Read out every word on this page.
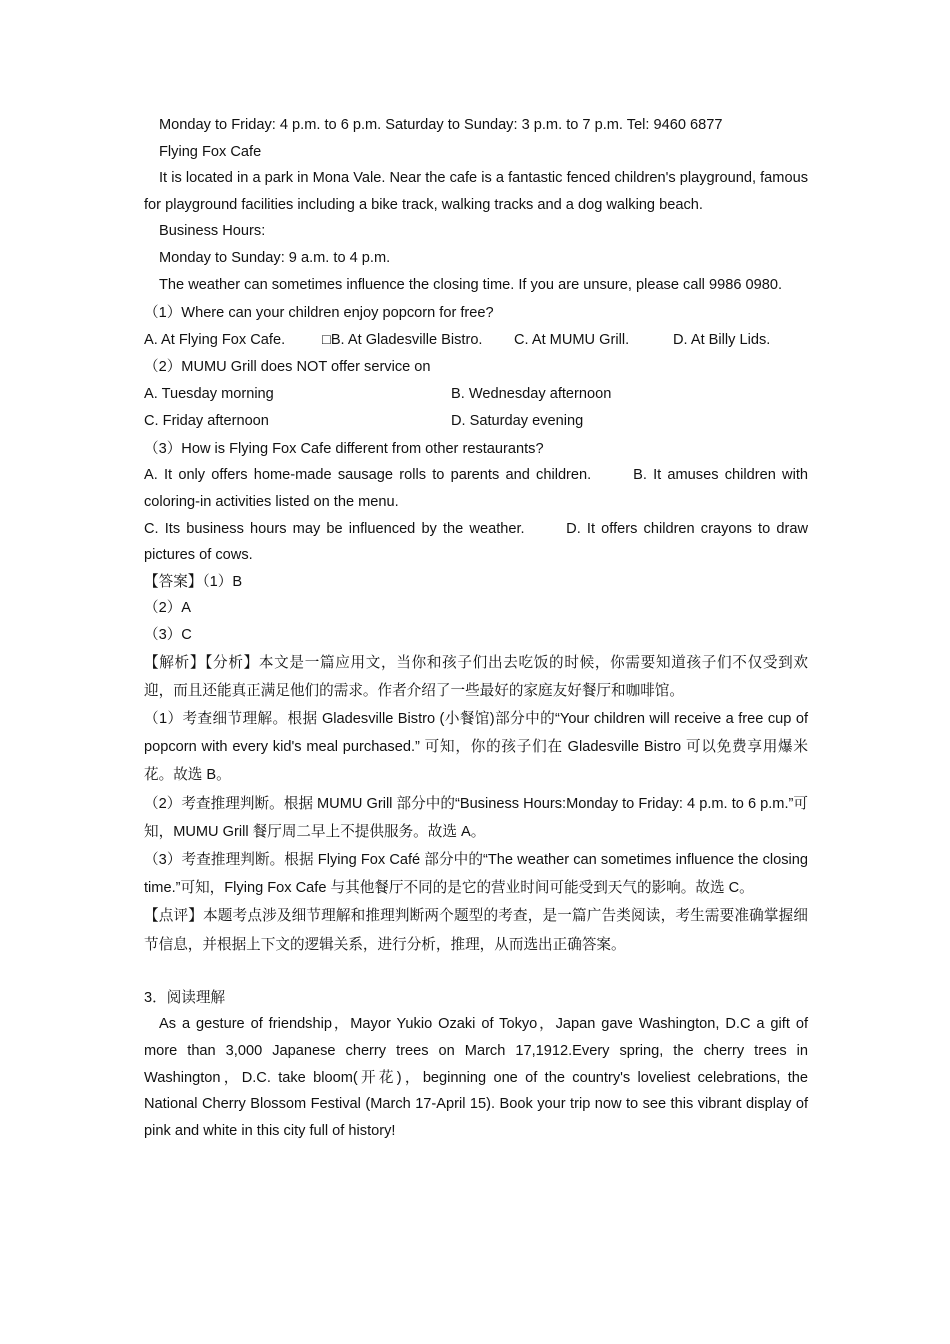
Monday to Friday: 4 p.m. to 6 p.m. Saturday to Sunday: 3 p.m. to 7 p.m. Tel: 9460 6877
Flying Fox Cafe
It is located in a park in Mona Vale. Near the cafe is a fantastic fenced children's playground, famous for playground facilities including a bike track, walking tracks and a dog walking beach.
Business Hours:
Monday to Sunday: 9 a.m. to 4 p.m.
The weather can sometimes influence the closing time. If you are unsure, please call 9986 0980.
（1）Where can your children enjoy popcorn for free?
A. At Flying Fox Cafe.	□B. At Gladesville Bistro.	C. At MUMU Grill.	D. At Billy Lids.
（2）MUMU Grill does NOT offer service on
A. Tuesday morning	B. Wednesday afternoon
C. Friday afternoon	D. Saturday evening
（3）How is Flying Fox Cafe different from other restaurants?
A. It only offers home-made sausage rolls to parents and children.　　 B. It amuses children with coloring-in activities listed on the menu.
C. Its business hours may be influenced by the weather.　　 D. It offers children crayons to draw pictures of cows.
【答案】（1）B
（2）A
（3）C
【解析】【分析】本文是一篇应用文，当你和孩子们出去吃饭的时候，你需要知道孩子们不仅受到欢迎，而且还能真正满足他们的需求。作者介绍了一些最好的家庭友好餐厅和咖啡馆。
（1）考查细节理解。根据 Gladesville Bistro (小餐馆)部分中的“Your children will receive a free cup of popcorn with every kid's meal purchased.” 可知，你的孩子们在 Gladesville Bistro 可以免费享用爆米花。故选 B。
（2）考查推理判断。根据 MUMU Grill 部分中的“Business Hours:Monday to Friday: 4 p.m. to 6 p.m.”可知，MUMU Grill 餐厅周二早上不提供服务。故选 A。
（3）考查推理判断。根据 Flying Fox Café 部分中的“The weather can sometimes influence the closing time.”可知，Flying Fox Cafe 与其他餐厅不同的是它的营业时间可能受到天气的影响。故选 C。
【点评】本题考点涉及细节理解和推理判断两个题型的考查，是一篇广告类阅读，考生需要准确掌握细节信息，并根据上下文的逻辑关系，进行分析，推理，从而选出正确答案。
3．阅读理解
As a gesture of friendship，Mayor Yukio Ozaki of Tokyo，Japan gave Washington, D.C a gift of more than 3,000 Japanese cherry trees on March 17,1912.Every spring, the cherry trees in Washington，D.C. take bloom(开花)，beginning one of the country's loveliest celebrations, the National Cherry Blossom Festival (March 17-April 15). Book your trip now to see this vibrant display of pink and white in this city full of history!
